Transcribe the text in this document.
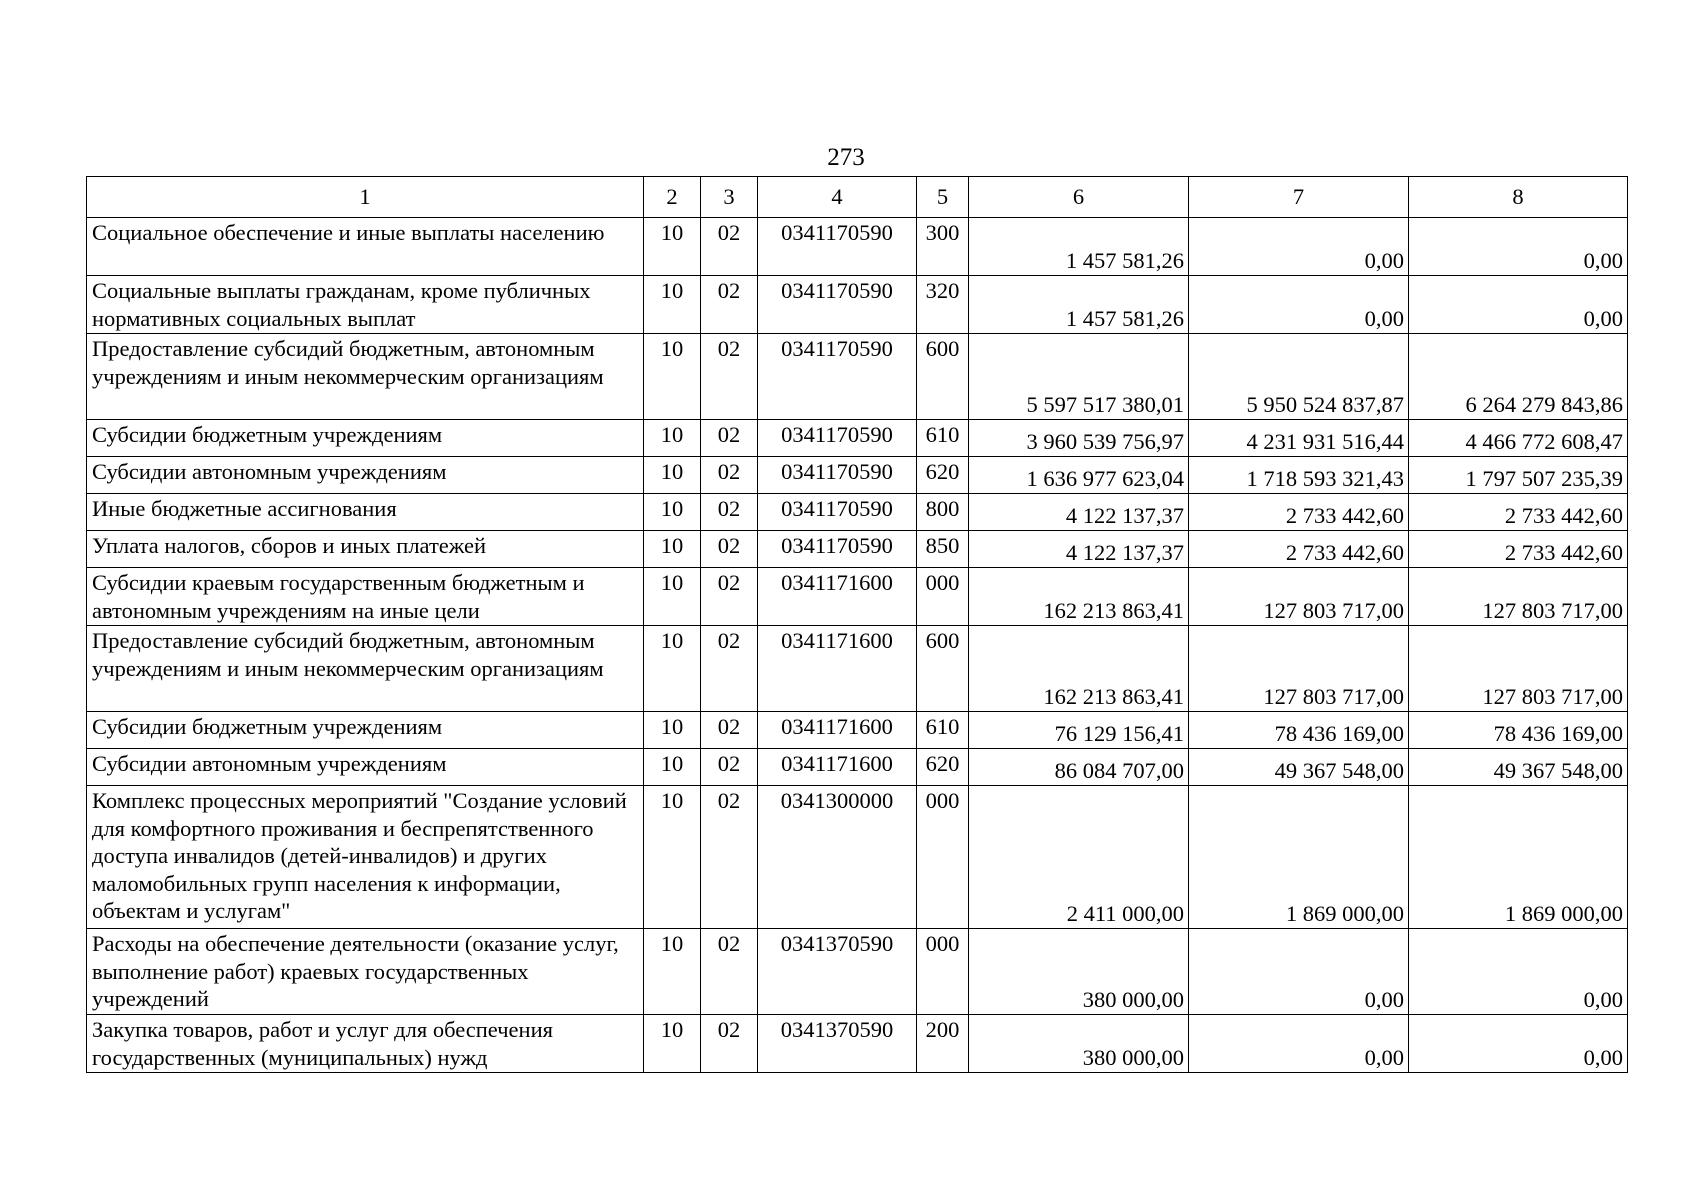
273
1	2	3	4	5	6	7	8
Социальное обеспечение и иные выплаты населению	10	02	0341170590	300	1 457 581,26	0,00	0,00
Социальные выплаты гражданам, кроме публичных нормативных социальных выплат	10	02	0341170590	320	1 457 581,26	0,00	0,00
Предоставление субсидий бюджетным, автономным учреждениям и иным некоммерческим организациям	10	02	0341170590	600	5 597 517 380,01	5 950 524 837,87	6 264 279 843,86
Субсидии бюджетным учреждениям	10	02	0341170590	610	3 960 539 756,97	4 231 931 516,44	4 466 772 608,47
Субсидии автономным учреждениям	10	02	0341170590	620	1 636 977 623,04	1 718 593 321,43	1 797 507 235,39
Иные бюджетные ассигнования	10	02	0341170590	800	4 122 137,37	2 733 442,60	2 733 442,60
Уплата налогов, сборов и иных платежей	10	02	0341170590	850	4 122 137,37	2 733 442,60	2 733 442,60
Субсидии краевым государственным бюджетным и автономным учреждениям на иные цели	10	02	0341171600	000	162 213 863,41	127 803 717,00	127 803 717,00
Предоставление субсидий бюджетным, автономным учреждениям и иным некоммерческим организациям	10	02	0341171600	600	162 213 863,41	127 803 717,00	127 803 717,00
Субсидии бюджетным учреждениям	10	02	0341171600	610	76 129 156,41	78 436 169,00	78 436 169,00
Субсидии автономным учреждениям	10	02	0341171600	620	86 084 707,00	49 367 548,00	49 367 548,00
Комплекс процессных мероприятий "Создание условий для комфортного проживания и беспрепятственного доступа инвалидов (детей-инвалидов) и других маломобильных групп населения к информации, объектам и услугам"	10	02	0341300000	000	2 411 000,00	1 869 000,00	1 869 000,00
Расходы на обеспечение деятельности (оказание услуг, выполнение работ) краевых государственных учреждений	10	02	0341370590	000	380 000,00	0,00	0,00
Закупка товаров, работ и услуг для обеспечения государственных (муниципальных) нужд	10	02	0341370590	200	380 000,00	0,00	0,00
